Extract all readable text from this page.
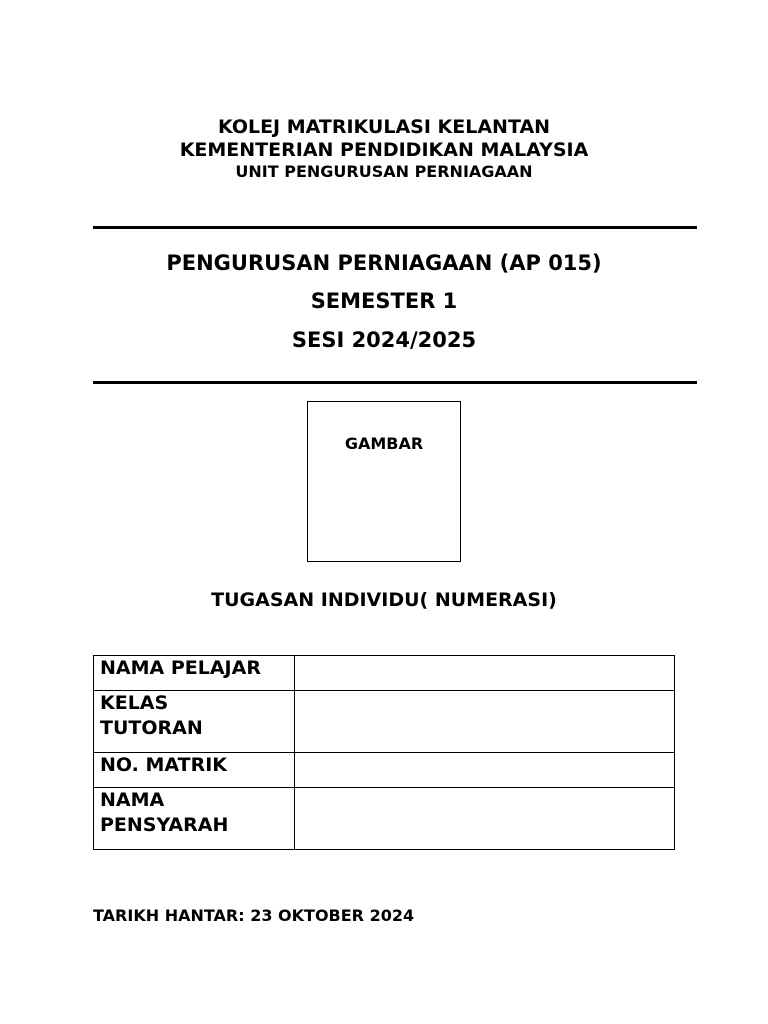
KOLEJ MATRIKULASI KELANTAN
KEMENTERIAN PENDIDIKAN MALAYSIA
UNIT PENGURUSAN PERNIAGAAN
PENGURUSAN PERNIAGAAN (AP 015)
SEMESTER 1
SESI 2024/2025
GAMBAR
TUGASAN INDIVIDU( NUMERASI)
NAMA PELAJAR	

KELAS
TUTORAN	

NO. MATRIK	

NAMA
PENSYARAH	

TARIKH HANTAR: 23 OKTOBER 2024
